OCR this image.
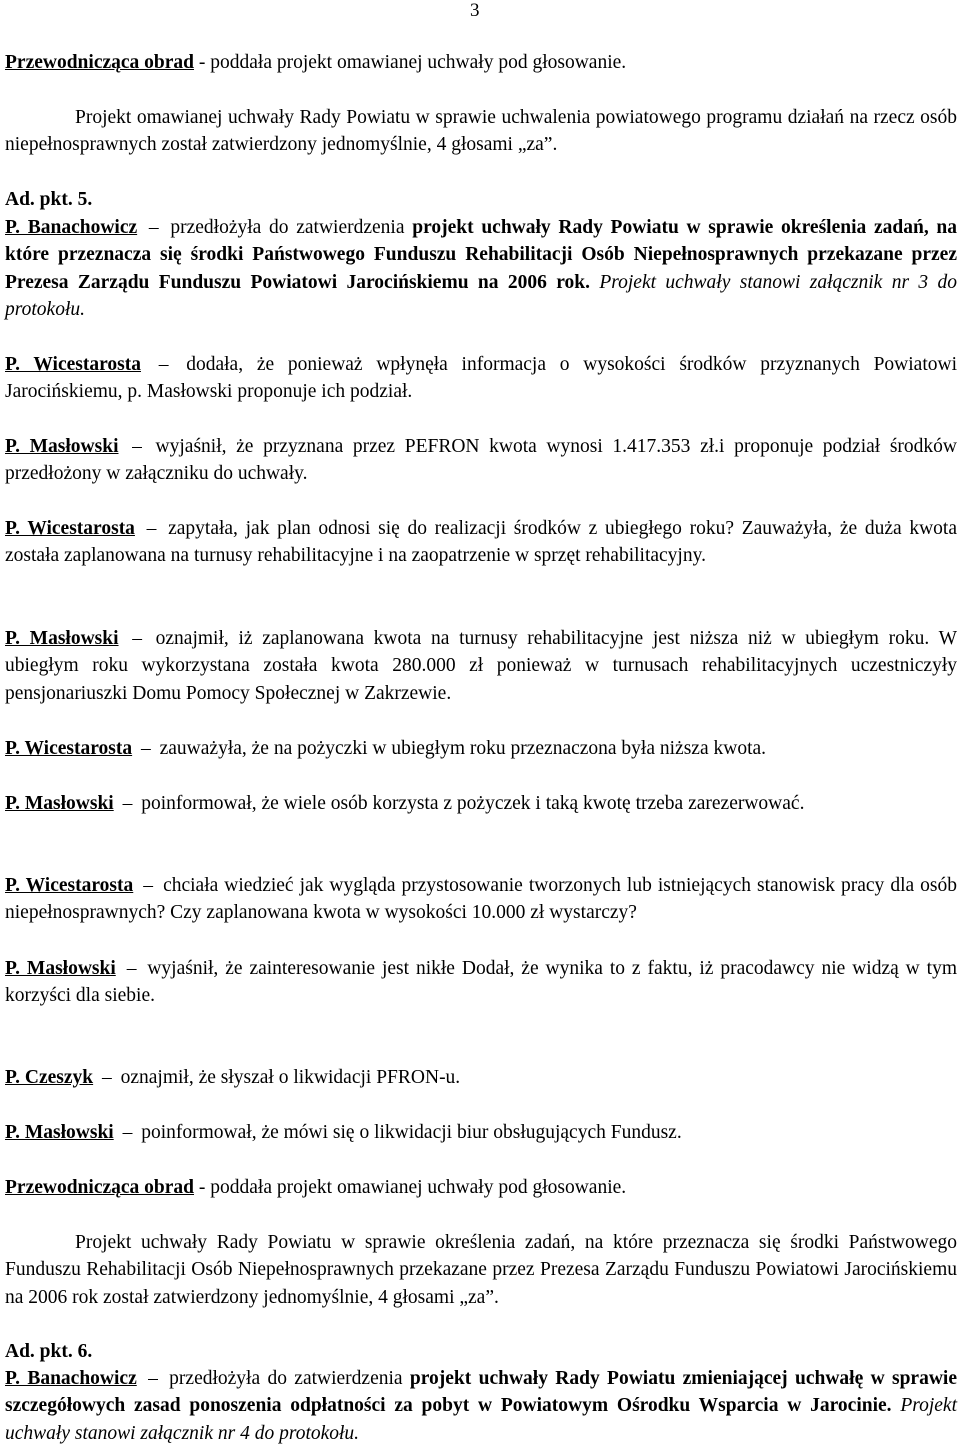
3
Przewodnicząca obrad - poddała projekt omawianej uchwały pod głosowanie.
Projekt omawianej uchwały Rady Powiatu w sprawie uchwalenia powiatowego programu działań na rzecz osób niepełnosprawnych został zatwierdzony jednomyślnie, 4 głosami „za”.
Ad. pkt. 5.
P. Banachowicz – przedłożyła do zatwierdzenia projekt uchwały Rady Powiatu w sprawie określenia zadań, na które przeznacza się środki Państwowego Funduszu Rehabilitacji Osób Niepełnosprawnych przekazane przez Prezesa Zarządu Funduszu Powiatowi Jarocińskiemu na 2006 rok. Projekt uchwały stanowi załącznik nr 3 do protokołu.
P. Wicestarosta – dodała, że ponieważ wpłynęła informacja o wysokości środków przyznanych Powiatowi Jarocińskiemu, p. Masłowski proponuje ich podział.
P. Masłowski – wyjaśnił, że przyznana przez PEFRON kwota wynosi 1.417.353 zł.i proponuje podział środków przedłożony w załączniku do uchwały.
P. Wicestarosta – zapytała, jak plan odnosi się do realizacji środków z ubiegłego roku? Zauważyła, że duża kwota została zaplanowana na turnusy rehabilitacyjne i na zaopatrzenie w sprzęt rehabilitacyjny.
P. Masłowski – oznajmił, iż zaplanowana kwota na turnusy rehabilitacyjne jest niższa niż w ubiegłym roku. W ubiegłym roku wykorzystana została kwota 280.000 zł ponieważ w turnusach rehabilitacyjnych uczestniczyły pensjonariuszki Domu Pomocy Społecznej w Zakrzewie.
P. Wicestarosta – zauważyła, że na pożyczki w ubiegłym roku przeznaczona była niższa kwota.
P. Masłowski – poinformował, że wiele osób korzysta z pożyczek i taką kwotę trzeba zarezerwować.
P. Wicestarosta – chciała wiedzieć jak wygląda przystosowanie tworzonych lub istniejących stanowisk pracy dla osób niepełnosprawnych? Czy zaplanowana kwota w wysokości 10.000 zł wystarczy?
P. Masłowski – wyjaśnił, że zainteresowanie jest nikłe Dodał, że wynika to z faktu, iż pracodawcy nie widzą w tym korzyści dla siebie.
P. Czeszyk – oznajmił, że słyszał o likwidacji PFRON-u.
P. Masłowski – poinformował, że mówi się o likwidacji biur obsługujących Fundusz.
Przewodnicząca obrad - poddała projekt omawianej uchwały pod głosowanie.
Projekt uchwały Rady Powiatu w sprawie określenia zadań, na które przeznacza się środki Państwowego Funduszu Rehabilitacji Osób Niepełnosprawnych przekazane przez Prezesa Zarządu Funduszu Powiatowi Jarocińskiemu na 2006 rok został zatwierdzony jednomyślnie, 4 głosami „za”.
Ad. pkt. 6.
P. Banachowicz – przedłożyła do zatwierdzenia projekt uchwały Rady Powiatu zmieniającej uchwałę w sprawie szczegółowych zasad ponoszenia odpłatności za pobyt w Powiatowym Ośrodku Wsparcia w Jarocinie. Projekt uchwały stanowi załącznik nr 4 do protokołu.
